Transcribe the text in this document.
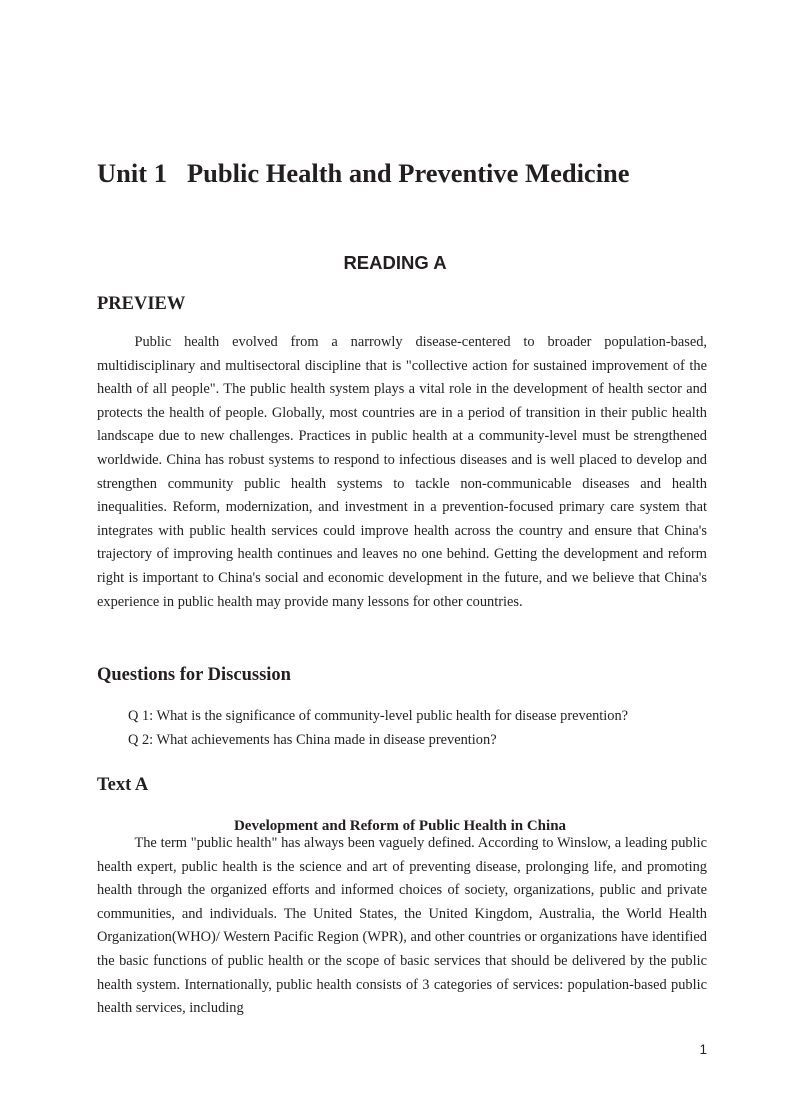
Unit 1 Public Health and Preventive Medicine
READING A
PREVIEW

Public health evolved from a narrowly disease-centered to broader population-based, multidisciplinary and multisectoral discipline that is "collective action for sustained improvement of the health of all people". The public health system plays a vital role in the development of health sector and protects the health of people. Globally, most countries are in a period of transition in their public health landscape due to new challenges. Practices in public health at a community-level must be strengthened worldwide. China has robust systems to respond to infectious diseases and is well placed to develop and strengthen community public health systems to tackle non-communicable diseases and health inequalities. Reform, modernization, and investment in a prevention-focused primary care system that integrates with public health services could improve health across the country and ensure that China's trajectory of improving health continues and leaves no one behind. Getting the development and reform right is important to China's social and economic development in the future, and we believe that China's experience in public health may provide many lessons for other countries.

Questions for Discussion
Q 1: What is the significance of community-level public health for disease prevention?
Q 2: What achievements has China made in disease prevention?
Text A
Development and Reform of Public Health in China

The term "public health" has always been vaguely defined. According to Winslow, a leading public health expert, public health is the science and art of preventing disease, prolonging life, and promoting health through the organized efforts and informed choices of society, organizations, public and private communities, and individuals. The United States, the United Kingdom, Australia, the World Health Organization(WHO)/ Western Pacific Region (WPR), and other countries or organizations have identified the basic functions of public health or the scope of basic services that should be delivered by the public health system. Internationally, public health consists of 3 categories of services: population-based public health services, including

1
